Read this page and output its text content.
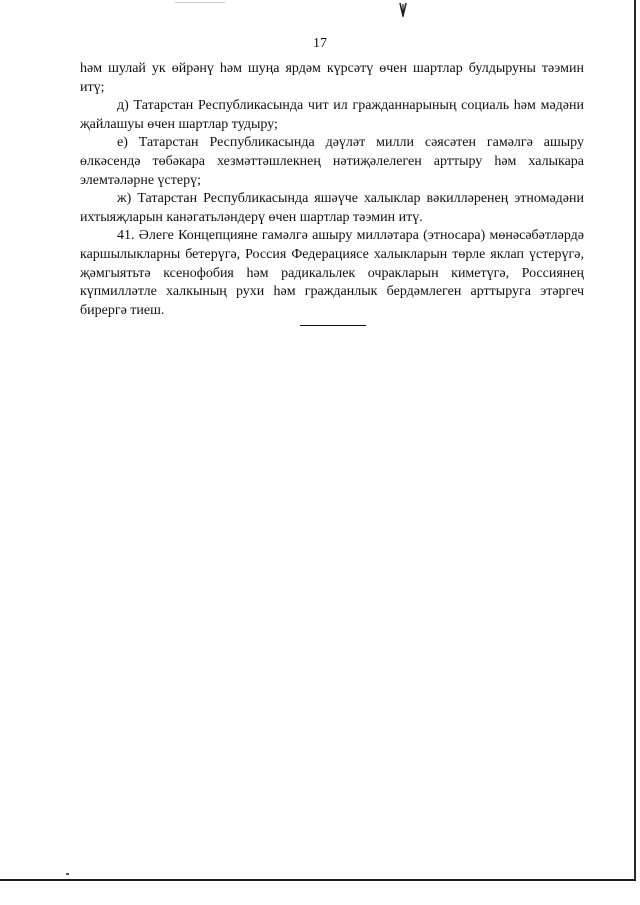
17

һәм шулай ук өйрәнү һәм шуңа ярдәм күрсәтү өчен шартлар булдыруны тәэмин итү;

д) Татарстан Республикасында чит ил гражданнарының социаль һәм мәдәни җайлашуы өчен шартлар тудыру;

е) Татарстан Республикасында дәүләт милли сәясәтен гамәлгә ашыру өлкәсендә төбәкара хезмәттәшлекнең нәтиҗәлелеген арттыру һәм халыкара элемтәләрне үстерү;

ж) Татарстан Республикасында яшәүче халыклар вәкилләренең этномәдәни ихтыяҗларын канәгатьләндерү өчен шартлар тәэмин итү.

41. Әлеге Концепцияне гамәлгә ашыру милләтара (этносара) мөнәсәбәтләрдә каршылыкларны бетерүгә, Россия Федерациясе халыкларын төрле яклап үстерүгә, җәмгыятьтә ксенофобия һәм радикальлек очракларын киметүгә, Россиянең күпмилләтле халкының рухи һәм гражданлык бердәмлеген арттыруга этәргеч бирергә тиеш.
